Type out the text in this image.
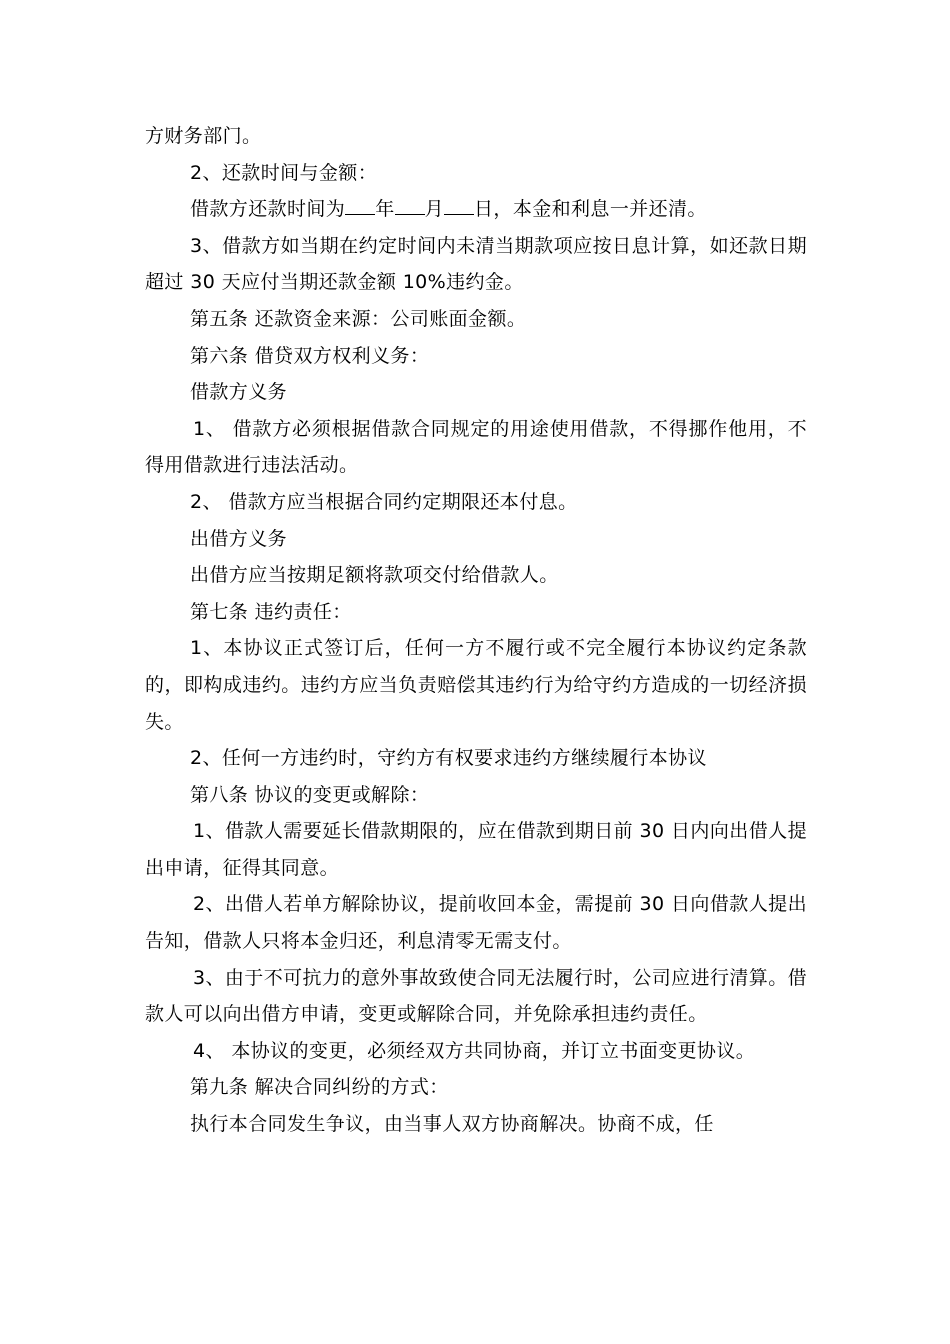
方财务部门。

2、还款时间与金额：

借款方还款时间为 年 月 日，本金和利息一并还清。

3、借款方如当期在约定时间内未清当期款项应按日息计算，如还款日期超过 30 天应付当期还款金额 10%违约金。

第五条 还款资金来源：公司账面金额。

第六条 借贷双方权利义务：

借款方义务

1、 借款方必须根据借款合同规定的用途使用借款，不得挪作他用，不得用借款进行违法活动。

2、 借款方应当根据合同约定期限还本付息。

出借方义务

出借方应当按期足额将款项交付给借款人。

第七条 违约责任：

1、本协议正式签订后，任何一方不履行或不完全履行本协议约定条款的，即构成违约。违约方应当负责赔偿其违约行为给守约方造成的一切经济损失。

2、任何一方违约时，守约方有权要求违约方继续履行本协议

第八条 协议的变更或解除：

1、借款人需要延长借款期限的，应在借款到期日前 30 日内向出借人提出申请，征得其同意。

2、出借人若单方解除协议，提前收回本金，需提前 30 日向借款人提出告知，借款人只将本金归还，利息清零无需支付。

3、由于不可抗力的意外事故致使合同无法履行时，公司应进行清算。借款人可以向出借方申请，变更或解除合同，并免除承担违约责任。

4、 本协议的变更，必须经双方共同协商，并订立书面变更协议。

第九条 解决合同纠纷的方式：

执行本合同发生争议，由当事人双方协商解决。协商不成，任
